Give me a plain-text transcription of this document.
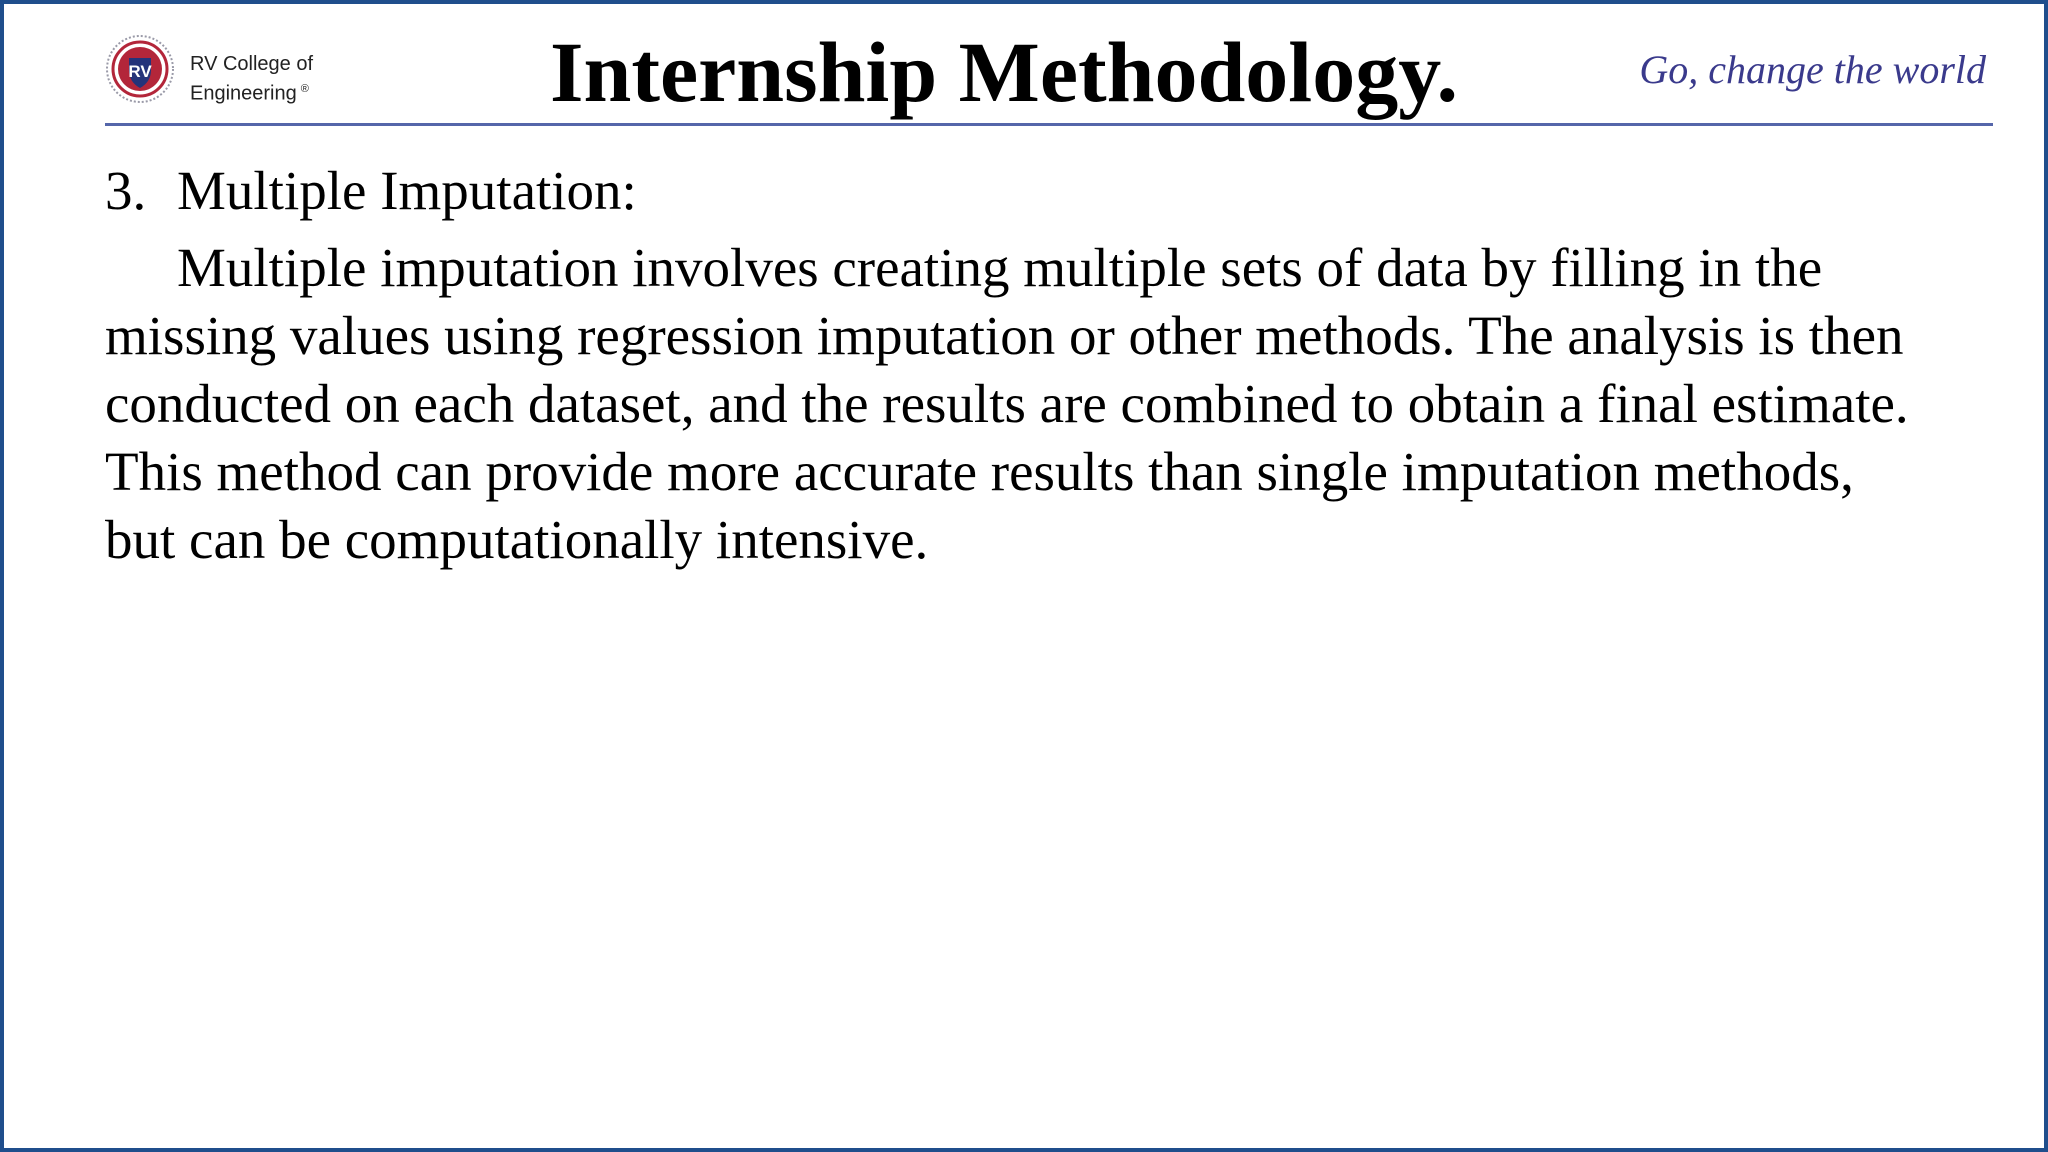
RV RV College of
Engineering ®	Internship Methodology.	Go, change the world
3. Multiple Imputation:
Multiple imputation involves creating multiple sets of data by filling in the
missing values using regression imputation or other methods. The analysis is then
conducted on each dataset, and the results are combined to obtain a final estimate.
This method can provide more accurate results than single imputation methods,
but can be computationally intensive.
